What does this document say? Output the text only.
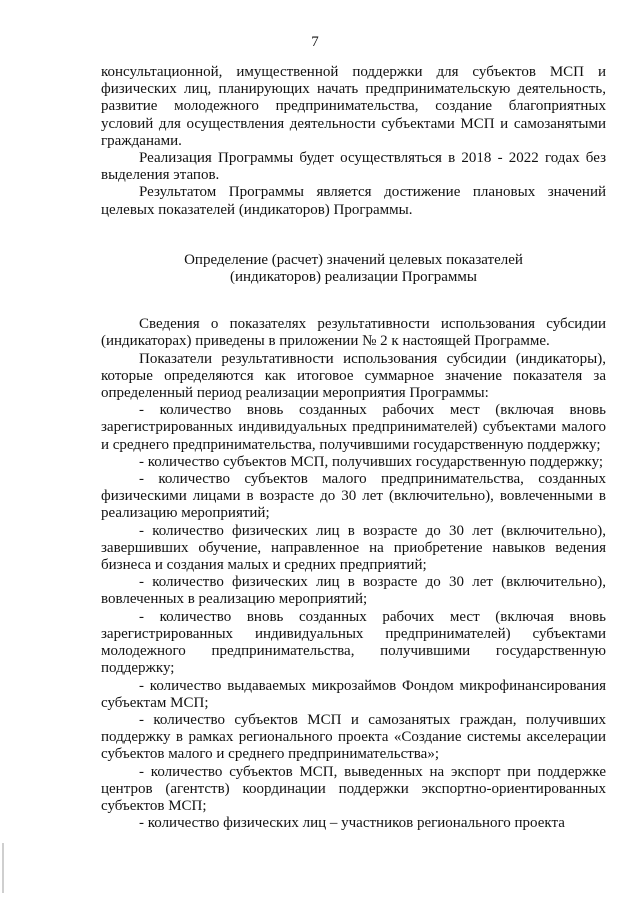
7

консультационной, имущественной поддержки для субъектов МСП и физических лиц, планирующих начать предпринимательскую деятельность, развитие молодежного предпринимательства, создание благоприятных условий для осуществления деятельности субъектами МСП и самозанятыми гражданами.

Реализация Программы будет осуществляться в 2018 - 2022 годах без выделения этапов.

Результатом Программы является достижение плановых значений целевых показателей (индикаторов) Программы.

Определение (расчет) значений целевых показателей

(индикаторов) реализации Программы

Сведения о показателях результативности использования субсидии (индикаторах) приведены в приложении № 2 к настоящей Программе.

Показатели результативности использования субсидии (индикаторы), которые определяются как итоговое суммарное значение показателя за определенный период реализации мероприятия Программы:

- количество вновь созданных рабочих мест (включая вновь зарегистрированных индивидуальных предпринимателей) субъектами малого и среднего предпринимательства, получившими государственную поддержку;

- количество субъектов МСП, получивших государственную поддержку;

- количество субъектов малого предпринимательства, созданных физическими лицами в возрасте до 30 лет (включительно), вовлеченными в реализацию мероприятий;

- количество физических лиц в возрасте до 30 лет (включительно), завершивших обучение, направленное на приобретение навыков ведения бизнеса и создания малых и средних предприятий;

- количество физических лиц в возрасте до 30 лет (включительно), вовлеченных в реализацию мероприятий;

- количество вновь созданных рабочих мест (включая вновь зарегистрированных индивидуальных предпринимателей) субъектами молодежного предпринимательства, получившими государственную поддержку;

- количество выдаваемых микрозаймов Фондом микрофинансирования субъектам МСП;

- количество субъектов МСП и самозанятых граждан, получивших поддержку в рамках регионального проекта «Создание системы акселерации субъектов малого и среднего предпринимательства»;

- количество субъектов МСП, выведенных на экспорт при поддержке центров (агентств) координации поддержки экспортно-ориентированных субъектов МСП;

- количество физических лиц – участников регионального проекта
